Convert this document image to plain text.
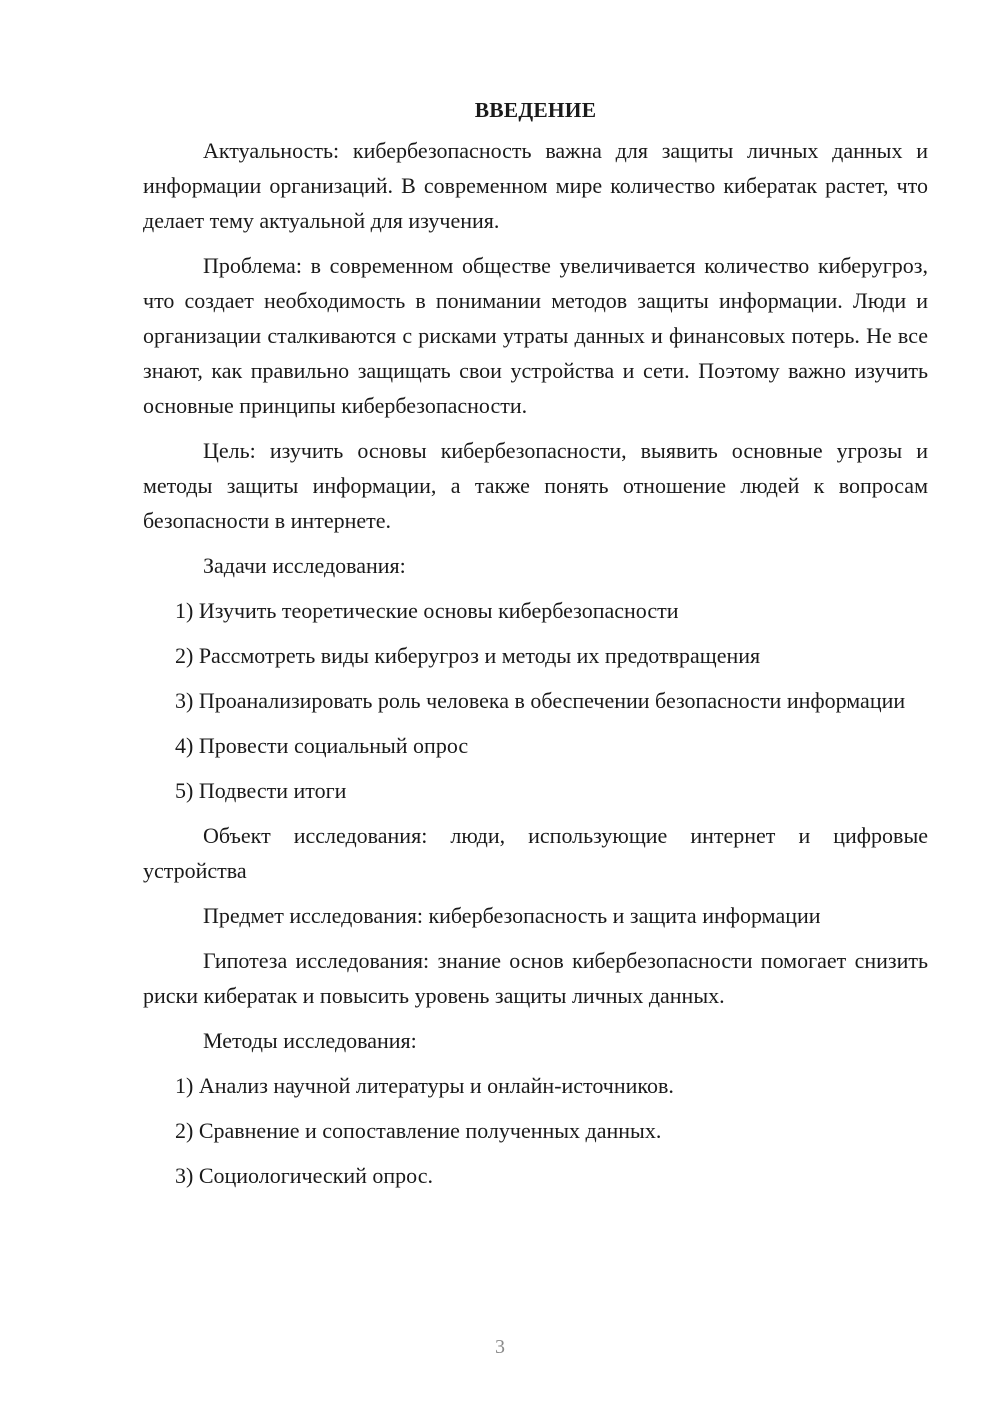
ВВЕДЕНИЕ

Актуальность: кибербезопасность важна для защиты личных данных и информации организаций. В современном мире количество кибератак растет, что делает тему актуальной для изучения.

Проблема: в современном обществе увеличивается количество киберугроз, что создает необходимость в понимании методов защиты информации. Люди и организации сталкиваются с рисками утраты данных и финансовых потерь. Не все знают, как правильно защищать свои устройства и сети. Поэтому важно изучить основные принципы кибербезопасности.

Цель: изучить основы кибербезопасности, выявить основные угрозы и методы защиты информации, а также понять отношение людей к вопросам безопасности в интернете.

Задачи исследования:

1) Изучить теоретические основы кибербезопасности

2) Рассмотреть виды киберугроз и методы их предотвращения

3) Проанализировать роль человека в обеспечении безопасности информации

4) Провести социальный опрос

5) Подвести итоги

Объект исследования: люди, использующие интернет и цифровые устройства

Предмет исследования: кибербезопасность и защита информации

Гипотеза исследования: знание основ кибербезопасности помогает снизить риски кибератак и повысить уровень защиты личных данных.

Методы исследования:

1) Анализ научной литературы и онлайн-источников.

2) Сравнение и сопоставление полученных данных.

3) Социологический опрос.

3
